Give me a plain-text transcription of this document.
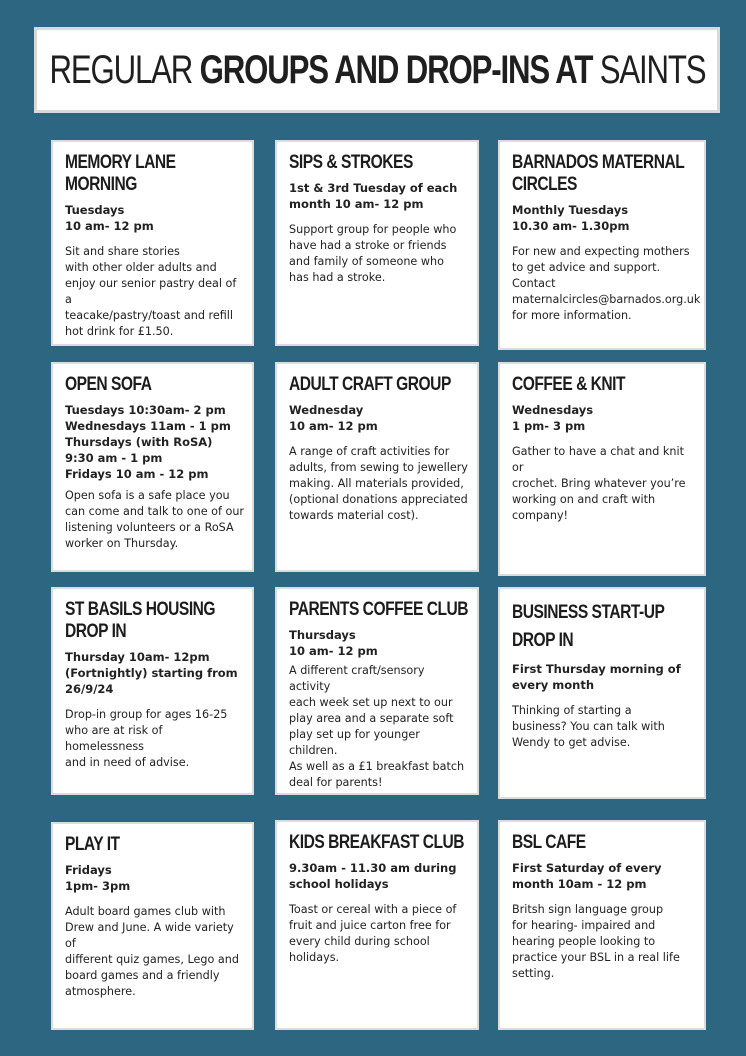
REGULAR GROUPS AND DROP-INS AT SAINTS
MEMORY LANE MORNING

Tuesdays
10 am- 12 pm

Sit and share stories
with other older adults and
enjoy our senior pastry deal of a
teacake/pastry/toast and refill
hot drink for £1.50.

SIPS & STROKES

1st & 3rd Tuesday of each
month 10 am- 12 pm

Support group for people who
have had a stroke or friends
and family of someone who
has had a stroke.

BARNADOS MATERNAL CIRCLES

Monthly Tuesdays
10.30 am- 1.30pm

For new and expecting mothers
to get advice and support.
Contact
maternalcircles@barnados.org.uk
for more information.

OPEN SOFA

Tuesdays 10:30am- 2 pm
Wednesdays 11am - 1 pm
Thursdays (with RoSA)
9:30 am - 1 pm
Fridays 10 am - 12 pm

Open sofa is a safe place you
can come and talk to one of our
listening volunteers or a RoSA
worker on Thursday.

ADULT CRAFT GROUP

Wednesday
10 am- 12 pm

A range of craft activities for
adults, from sewing to jewellery
making. All materials provided,
(optional donations appreciated
towards material cost).

COFFEE & KNIT

Wednesdays
1 pm- 3 pm

Gather to have a chat and knit or
crochet. Bring whatever you’re
working on and craft with
company!

ST BASILS HOUSING DROP IN

Thursday 10am- 12pm
(Fortnightly) starting from
26/9/24

Drop-in group for ages 16-25
who are at risk of homelessness
and in need of advise.

PARENTS COFFEE CLUB

Thursdays
10 am- 12 pm

A different craft/sensory activity
each week set up next to our
play area and a separate soft
play set up for younger children.
As well as a £1 breakfast batch
deal for parents!

BUSINESS START-UP
DROP IN

First Thursday morning of
every month

Thinking of starting a
business? You can talk with
Wendy to get advise.

PLAY IT

Fridays
1pm- 3pm

Adult board games club with
Drew and June. A wide variety of
different quiz games, Lego and
board games and a friendly
atmosphere.

KIDS BREAKFAST CLUB

9.30am - 11.30 am during
school holidays

Toast or cereal with a piece of
fruit and juice carton free for
every child during school
holidays.

BSL CAFE

First Saturday of every
month 10am - 12 pm

Britsh sign language group
for hearing- impaired and
hearing people looking to
practice your BSL in a real life
setting.
